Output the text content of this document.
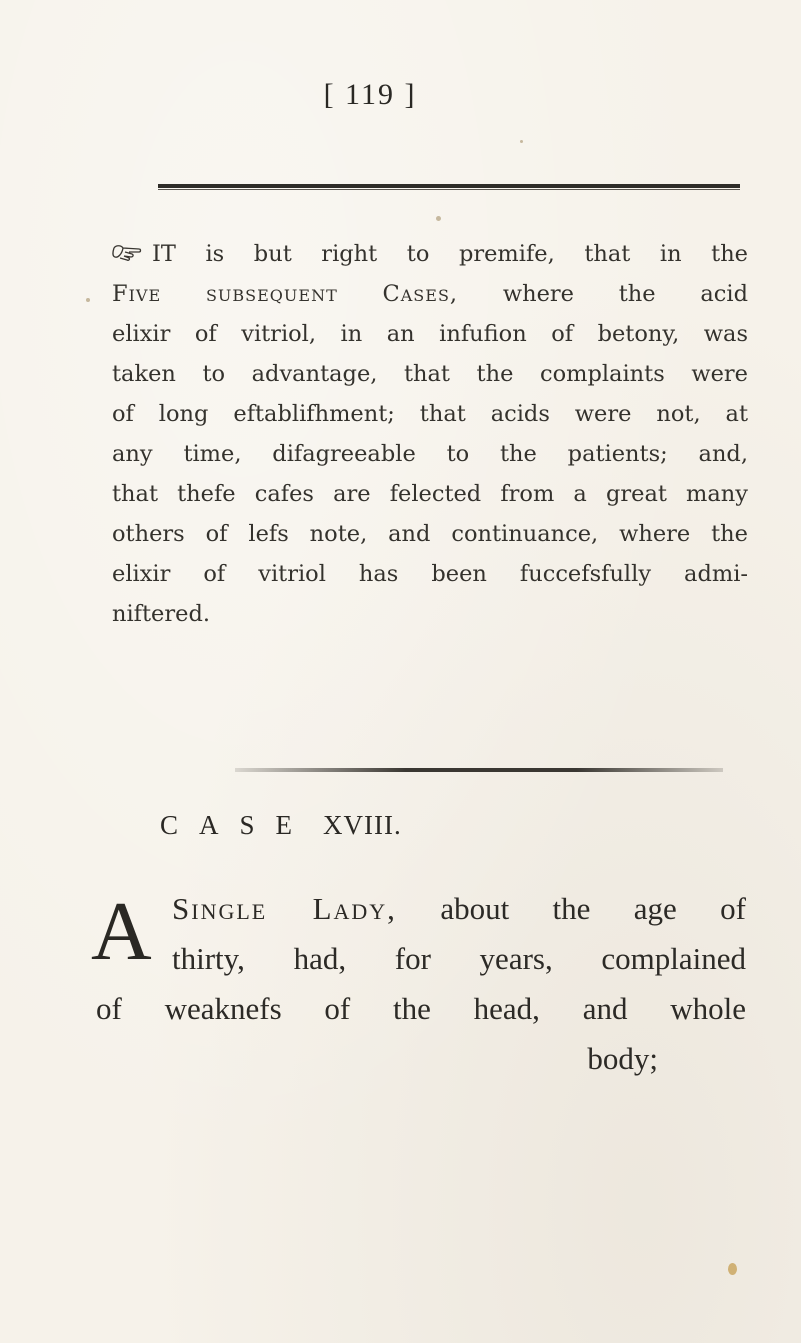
[ 119 ]
IT is but right to premife, that in the
Five subsequent Cases, where the acid
elixir of vitriol, in an infufion of betony, was
taken to advantage, that the complaints were
of long eftablifhment; that acids were not, at
any time, difagreeable to the patients; and,
that thefe cafes are felected from a great many
others of lefs note, and continuance, where the
elixir of vitriol has been fuccefsfully admi-
niftered.
CASE XVIII.
A Single Lady, about the age of
thirty, had, for years, complained
of weaknefs of the head, and whole
body;
